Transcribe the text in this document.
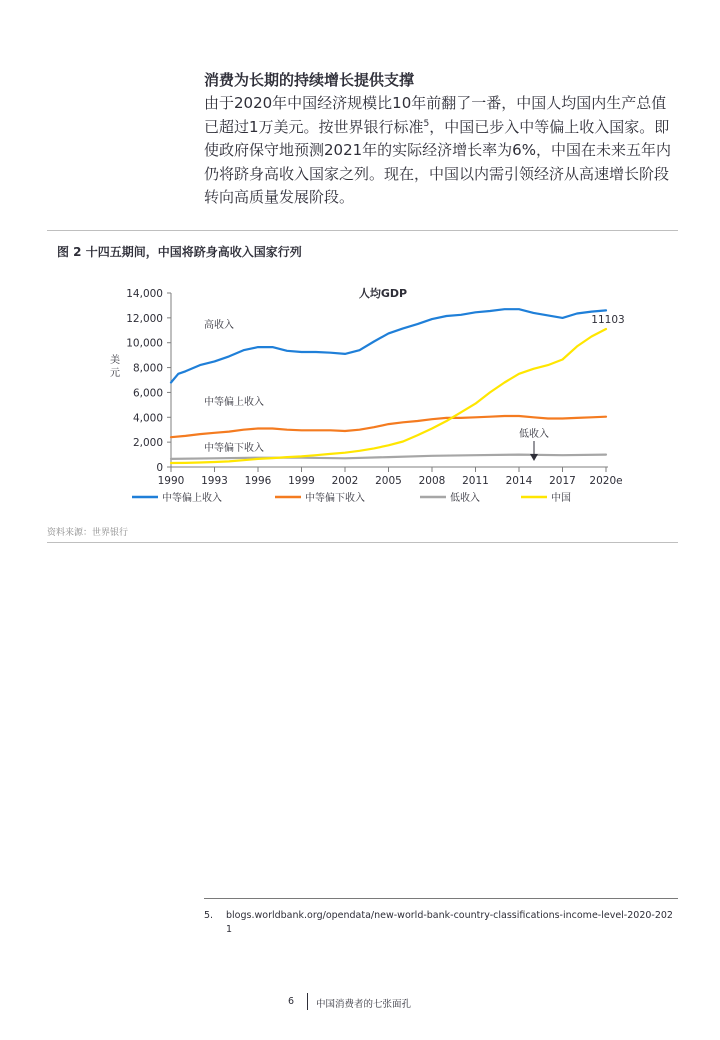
消费为长期的持续增长提供支撑
由于2020年中国经济规模比10年前翻了一番，中国人均国内生产总值已超过1万美元。按世界银行标准$^5$，中国已步入中等偏上收入国家。即使政府保守地预测2021年的实际经济增长率为6%，中国在未来五年内仍将跻身高收入国家之列。现在，中国以内需引领经济从高速增长阶段转向高质量发展阶段。
图 2 十四五期间，中国将跻身高收入国家行列
人均GDP
美
元
0
2,000
4,000
6,000
8,000
10,000
12,000
14,000
1990 1993 1996 1999 2002 2005 2008 2011 2014 2017 2020e
高收入
中等偏上收入
中等偏下收入
低收入
11103
中等偏上收入	中等偏下收入	低收入	中国
资料来源：世界银行
5. blogs.worldbank.org/opendata/new-world-bank-country-classifications-income-level-2020-2021
6 中国消费者的七张面孔
